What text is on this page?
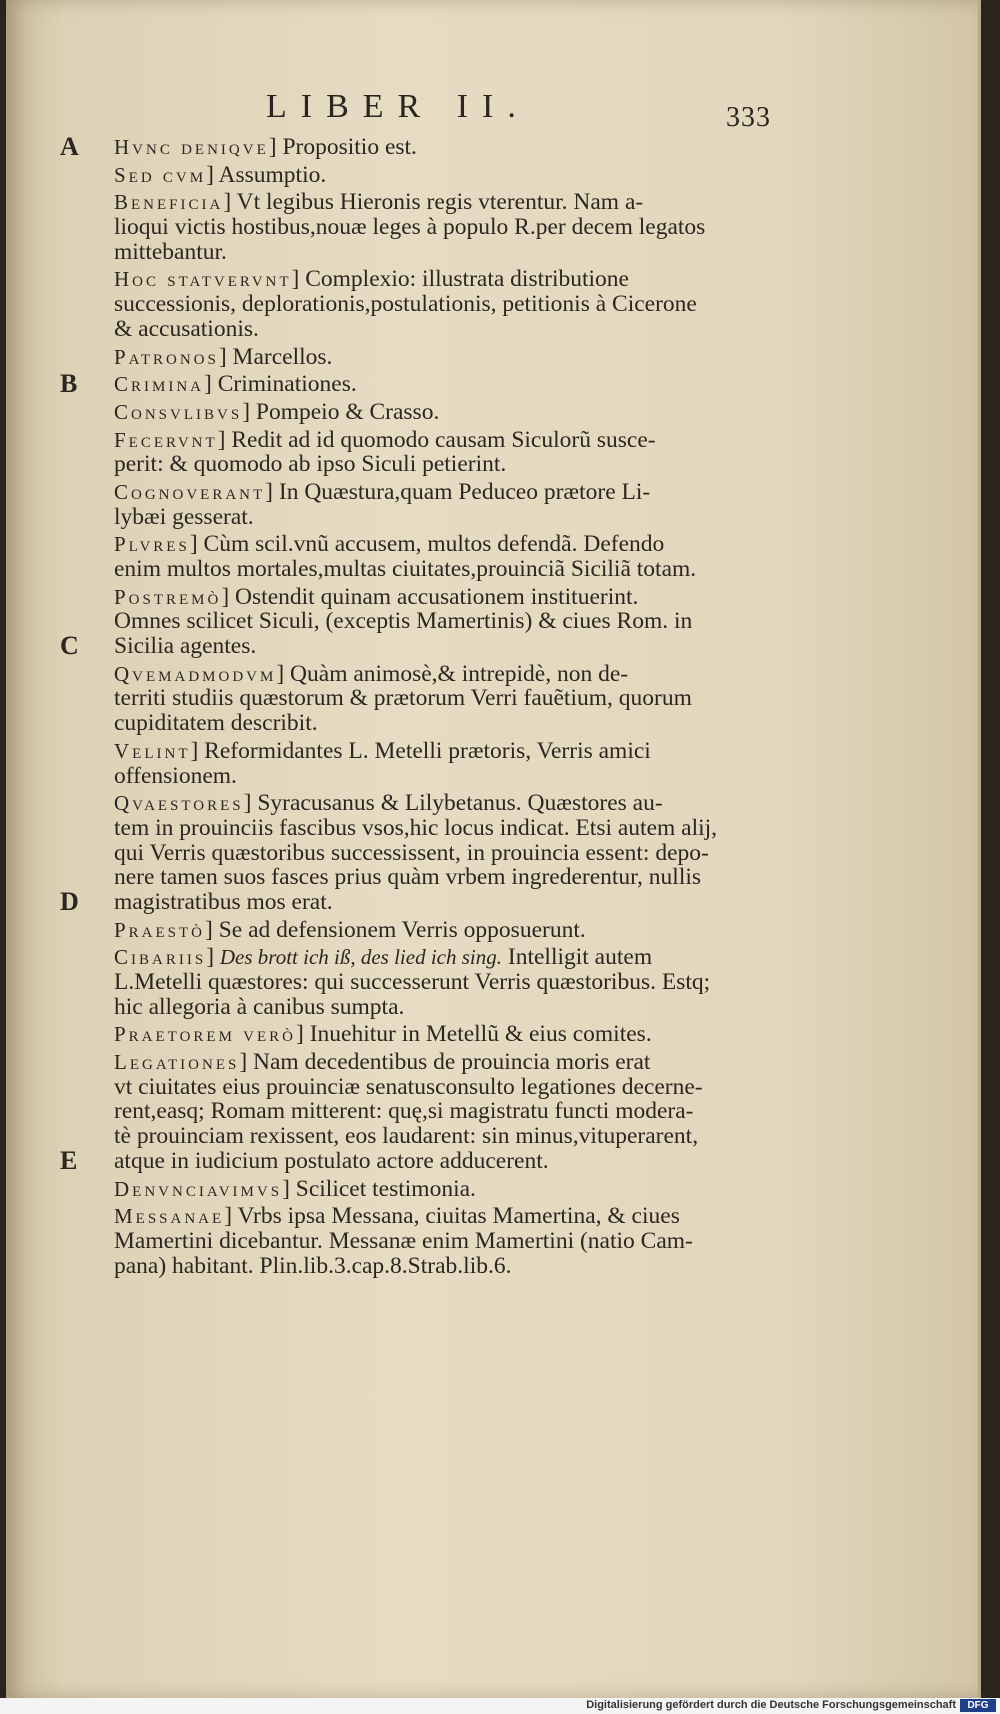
LIBER II.	333
A Hvnc deniqve] Propositio est.
Sed cvm] Assumptio.
Beneficia] Vt legibus Hieronis regis vterentur. Nam a-
lioqui victis hostibus,nouæ leges à populo R.per decem legatos
mittebantur.
Hoc statvervnt] Complexio: illustrata distributione
successionis, deplorationis,postulationis, petitionis à Cicerone
& accusationis.
Patronos] Marcellos.
B Crimina] Criminationes.
Consvlibvs] Pompeio & Crasso.
Fecervnt] Redit ad id quomodo causam Siculorũ susce-
perit: & quomodo ab ipso Siculi petierint.
Cognoverant] In Quæstura,quam Peduceo prætore Li-
lybæi gesserat.
Plvres] Cùm scil.vnũ accusem, multos defendã. Defendo
enim multos mortales,multas ciuitates,prouinciã Siciliã totam.
Postremò] Ostendit quinam accusationem instituerint.
Omnes scilicet Siculi, (exceptis Mamertinis) & ciues Rom. in
C Sicilia agentes.
Qvemadmodvm] Quàm animosè,& intrepidè, non de-
territi studiis quæstorum & prætorum Verri fauẽtium, quorum
cupiditatem describit.
Velint] Reformidantes L. Metelli prætoris, Verris amici
offensionem.
Qvaestores] Syracusanus & Lilybetanus. Quæstores au-
tem in prouinciis fascibus vsos,hic locus indicat. Etsi autem alij,
qui Verris quæstoribus successissent, in prouincia essent: depo-
nere tamen suos fasces prius quàm vrbem ingrederentur, nullis
D magistratibus mos erat.
Praestò] Se ad defensionem Verris opposuerunt.
Cibariis] Des brott ich iß, des lied ich sing. Intelligit autem
L.Metelli quæstores: qui successerunt Verris quæstoribus. Estq;
hic allegoria à canibus sumpta.
Praetorem verò] Inuehitur in Metellũ & eius comites.
Legationes] Nam decedentibus de prouincia moris erat
vt ciuitates eius prouinciæ senatusconsulto legationes decerne-
rent,easq; Romam mitterent: quę,si magistratu functi modera-
tè prouinciam rexissent, eos laudarent: sin minus,vituperarent,
E atque in iudicium postulato actore adducerent.
Denvnciavimvs] Scilicet testimonia.
Messanae] Vrbs ipsa Messana, ciuitas Mamertina, & ciues
Mamertini dicebantur. Messanæ enim Mamertini (natio Cam-
pana) habitant. Plin.lib.3.cap.8.Strab.lib.6.
Digitalisierung gefördert durch die Deutsche Forschungsgemeinschaft	DFG
